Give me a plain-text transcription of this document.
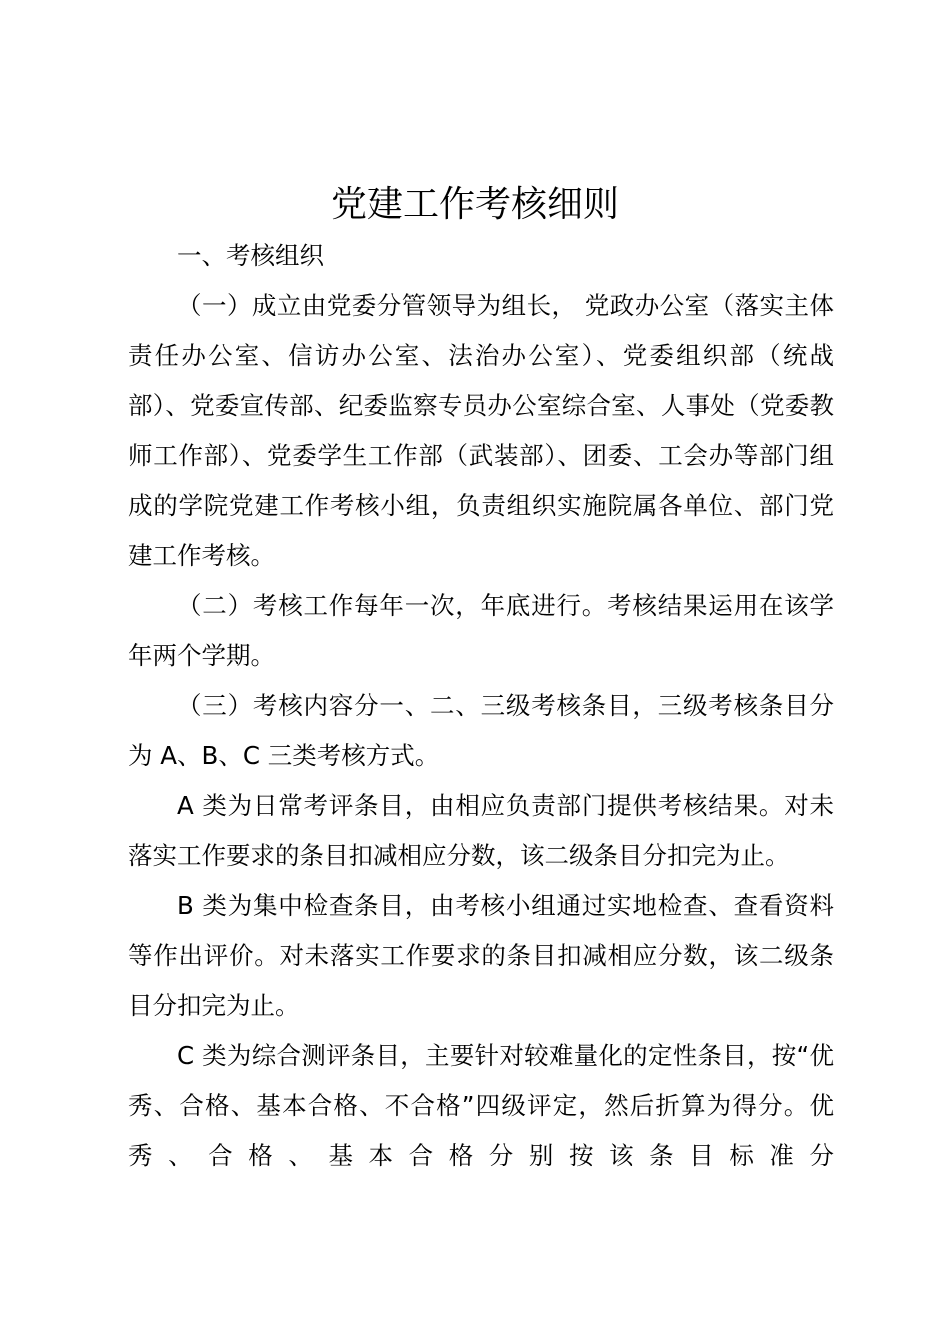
党建工作考核细则

一、考核组织

（一）成立由党委分管领导为组长， 党政办公室（落实主体责任办公室、信访办公室、法治办公室）、党委组织部（统战部）、党委宣传部、纪委监察专员办公室综合室、人事处（党委教师工作部）、党委学生工作部（武装部）、团委、工会办等部门组成的学院党建工作考核小组，负责组织实施院属各单位、部门党建工作考核。

（二）考核工作每年一次，年底进行。考核结果运用在该学年两个学期。

（三）考核内容分一、二、三级考核条目，三级考核条目分为 A、B、C 三类考核方式。

A 类为日常考评条目，由相应负责部门提供考核结果。对未落实工作要求的条目扣减相应分数，该二级条目分扣完为止。

B 类为集中检查条目，由考核小组通过实地检查、查看资料等作出评价。对未落实工作要求的条目扣减相应分数，该二级条目分扣完为止。

C 类为综合测评条目，主要针对较难量化的定性条目，按“优秀、合格、基本合格、不合格”四级评定，然后折算为得分。优秀、合格、基本合格分别按该条目标准分
